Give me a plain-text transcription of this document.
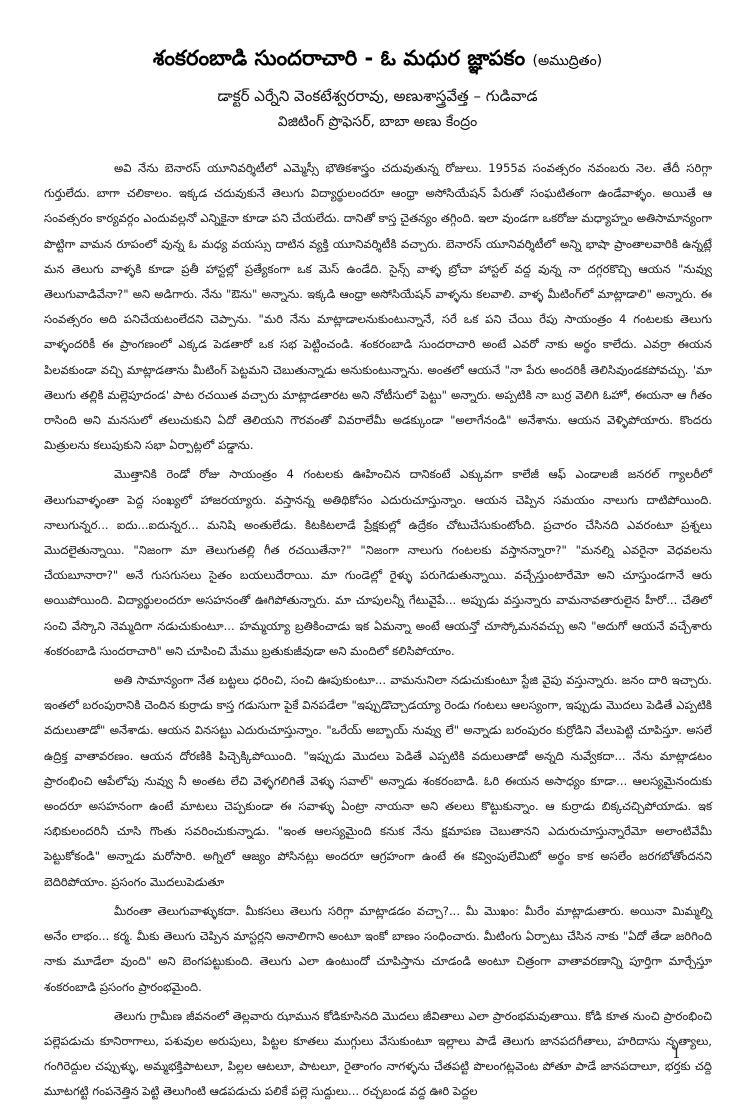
శంకరంబాడి సుందరాచారి - ఓ మధుర జ్ఞాపకం (అముద్రితం)
డాక్టర్ ఎర్నేని వెంకటేశ్వరరావు, అణుశాస్త్రవేత్త – గుడివాడ
విజిటింగ్ ప్రొఫెసర్, బాబా అణు కేంద్రం

అవి నేను బెనారస్ యూనివర్శిటీలో ఎమ్మెస్సీ భౌతికశాస్త్రం చదువుతున్న రోజులు. 1955వ సంవత్సరం నవంబరు నెల. తేదీ సరిగ్గా గుర్తులేదు. బాగా చలికాలం. ఇక్కడ చదువుకునే తెలుగు విద్యార్థులందరూ ఆంధ్రా అసోసియేషన్ పేరుతో సంఘటితంగా ఉండేవాళ్ళం. అయితే ఆ సంవత్సరం కార్యవర్గం ఎందువల్లనో ఎన్నికైనా కూడా పని చేయలేదు. దానితో కాస్త చైతన్యం తగ్గింది. ఇలా వుండగా ఒకరోజు మధ్యాహ్నం అతిసామాన్యంగా పొట్టిగా వామన రూపంలో వున్న ఓ మధ్య వయస్సు దాటిన వ్యక్తి యూనివర్శిటీకి వచ్చారు. బెనారస్ యూనివర్శిటీలో అన్ని భాషా ప్రాంతాలవారికి ఉన్నట్లే మన తెలుగు వాళ్ళకి కూడా ప్రతీ హాస్టల్లో ప్రత్యేకంగా ఒక మెస్ ఉండేది. సైన్స్ వాళ్ళ బ్రోచా హాస్టల్ వద్ద వున్న నా దగ్గరకొచ్చి ఆయన "నువ్వు తెలుగువాడివేనా?" అని అడిగారు. నేను "ఔను" అన్నాను. ఇక్కడి ఆంధ్రా అసోసియేషన్ వాళ్ళను కలవాలి. వాళ్ళ మీటింగ్‌లో మాట్లాడాలి" అన్నారు. ఈ సంవత్సరం అది పనిచేయటంలేదని చెప్పాను. "మరి నేను మాట్లాడాలనుకుంటున్నానే, సరే ఒక పని చేయి రేపు సాయంత్రం 4 గంటలకు తెలుగు వాళ్ళందరికీ ఈ ప్రాంగణంలో ఎక్కడ పెడతారో ఒక సభ పెట్టించండి. శంకరంబాడి సుందరాచారి అంటే ఎవరో నాకు అర్థం కాలేదు. ఎవర్రా ఈయన పిలవకుండా వచ్చి మాట్లాడతాను మీటింగ్ పెట్టమని చెబుతున్నాడు అనుకుంటున్నాను. అంతలో ఆయనే "నా పేరు అందరికీ తెలిసివుండకపోవచ్చు. 'మా తెలుగు తల్లికి మల్లెపూదండ' పాట రచయిత వచ్చారు మాట్లాడతారట అని నోటీసులో పెట్టు" అన్నారు. అప్పటికి నా బుర్ర వెలిగి ఓహో, ఈయనా ఆ గీతం రాసింది అని మనసులో తలుచుకుని ఏదో తెలియని గౌరవంతో వివరాలేమీ అడక్కుండా "అలాగేనండి" అనేశాను. ఆయన వెళ్ళిపోయారు. కొందరు మిత్రులను కలుపుకుని సభా ఏర్పాట్లలో పడ్డాను.

మొత్తానికి రెండో రోజు సాయంత్రం 4 గంటలకు ఊహించిన దానికంటే ఎక్కువగా కాలేజీ ఆఫ్ ఎండాలజీ జనరల్ గ్యాలరీలో తెలుగువాళ్ళంతా పెద్ద సంఖ్యలో హాజరయ్యారు. వస్తానన్న అతిథికోసం ఎదురుచూస్తున్నాం. ఆయన చెప్పిన సమయం నాలుగు దాటిపోయింది. నాలుగున్నర... ఐదు...ఐదున్నర... మనిషి అంతులేడు. కిటకిటలాడే ప్రేక్షకుల్లో ఉద్రేకం చోటుచేసుకుంటోంది. ప్రచారం చేసినది ఎవరంటూ ప్రశ్నలు మొదలైతున్నాయి. "నిజంగా మా తెలుగుతల్లి గీత రచయితేనా?" "నిజంగా నాలుగు గంటలకు వస్తానన్నారా?" "మనల్ని ఎవరైనా వెధవలను చేయబూనారా?" అనే గుసగుసలు సైతం బయలుదేరాయి. మా గుండెల్లో రైళ్ళు పరుగెడుతున్నాయి. వచ్చేస్తుంటారేమో అని చూస్తుండగానే ఆరు అయిపోయింది. విద్యార్థులందరూ అసహనంతో ఊగిపోతున్నారు. మా చూపులన్నీ గేటువైపే... అప్పుడు వస్తున్నారు వామనావతారులైన హీరో... చేతిలో సంచి వేస్కొని నెమ్మదిగా నడుచుకుంటూ... హమ్మయ్యా బ్రతికించాడు ఇక ఏమన్నా అంటే ఆయన్తో చూస్కోమనవచ్చు అని "అదుగో ఆయనే వచ్చేశారు శంకరంబాడి సుందరాచారి" అని చూపించి మేము బ్రతుకుజీవుడా అని మందిలో కలిసిపోయాం.

అతి సామాన్యంగా నేత బట్టలు ధరించి, సంచి ఊపుకుంటూ... వామనునిలా నడుచుకుంటూ స్టేజి వైపు వస్తున్నారు. జనం దారి ఇచ్చారు. ఇంతలో బరంపురానికి చెందిన కుర్రాడు కాస్త గడుసుగా పైకే వినపడేలా "ఇప్పుడొచ్చాడయ్యా రెండు గంటలు ఆలస్యంగా, ఇప్పుడు మొదలు పెడితే ఎప్పటికి వదులుతాడో" అనేశాడు. ఆయన వినసట్టు ఎదురుచూస్తున్నాం. "ఒరేయ్ అబ్బాయ్ నువ్వు లే" అన్నాడు బరంపురం కుర్రోడిని వేలుపెట్టి చూపిస్తూ. అసలే ఉద్రిక్త వాతావరణం. ఆయన దోరణికి పిచ్చెక్కిపోయింది. "ఇప్పుడు మొదలు పెడితే ఎప్పటికి వదులుతాడో అన్నది నువ్వేకదా... నేను మాట్లాడటం ప్రారంభించి ఆపేలోపు నువ్వు నీ అంతట లేచి వెళ్ళగలిగితే వెళ్ళు సవాల్" అన్నాడు శంకరంబాడి. ఓరి ఈయన అసాధ్యం కూడా... ఆలస్యమైనందుకు అందరూ అసహనంగా ఉంటే మాటలు చెప్పకుండా ఈ సవాళ్ళు ఏంట్రా నాయనా అని తలలు కొట్టుకున్నాం. ఆ కుర్రాడు బిక్కచచ్చిపోయాడు. ఇక సభికులందరినీ చూసి గొంతు సవరించుకున్నాడు. "ఇంత ఆలస్యమైంది కనుక నేను క్షమాపణ చెబుతానని ఎదురుచూస్తున్నారేమో అలాంటివేమీ పెట్టుకోకండి" అన్నాడు మరోసారి. అగ్నిలో ఆజ్యం పోసినట్లు అందరూ ఆగ్రహంగా ఉంటే ఈ కవ్వింపులేమిటో అర్థం కాక అసలేం జరగబోతోందనని బెదిరిపోయాం. ప్రసంగం మొదలుపెడుతూ

మీరంతా తెలుగువాళ్ళుకదా. మీకసలు తెలుగు సరిగ్గా మాట్లాడడం వచ్చా?... మీ మొఖం: మీరేం మాట్లాడుతారు. అయినా మిమ్మల్ని అనేం లాభం... కర్మ. మీకు తెలుగు చెప్పిన మాస్టర్లని అనాలిగాని అంటూ ఇంకో బాణం సంధించారు. మీటింగు ఏర్పాటు చేసిన నాకు "ఏదో తేడా జరిగింది నాకు మూడేలా వుంది" అని బెంగపట్టుకుంది. తెలుగు ఎలా ఉంటుందో చూపిస్తాను చూడండి అంటూ చిత్రంగా వాతావరణాన్ని పూర్తిగా మార్చేస్తూ శంకరంబాడి ప్రసంగం ప్రారంభమైంది.

తెలుగు గ్రామీణ జీవనంలో తెల్లవారు ఝామున కోడికూసినది మొదలు జీవితాలు ఎలా ప్రారంభమవుతాయి. కోడి కూత నుంచి ప్రారంభించి పల్లెపడుచు కూనిరాగాలు, పశువుల అరుపులు, పిట్టల కూతలు ముగ్గులు వేసుకుంటూ ఇల్లాలు పాడే తెలుగు జానపదగీతాలు, హరిదాసు నృత్యాలు, గంగిరెద్దుల చప్పుళ్ళు, అమ్మభక్తిపాటలూ, పిల్లల ఆటలూ, పాటలూ, రైతాంగం నాగళ్ళను చేతపట్టి పొలంగట్లవెంట పోతూ పాడే జానపదాలూ, భర్తకు చద్ది మూటగట్టి గంపనెత్తిన పెట్టి తెలుగింటి ఆడపడుచు పలికే పల్లె సుద్దులు... రచ్చబండ వద్ద ఊరి పెద్దల

1
